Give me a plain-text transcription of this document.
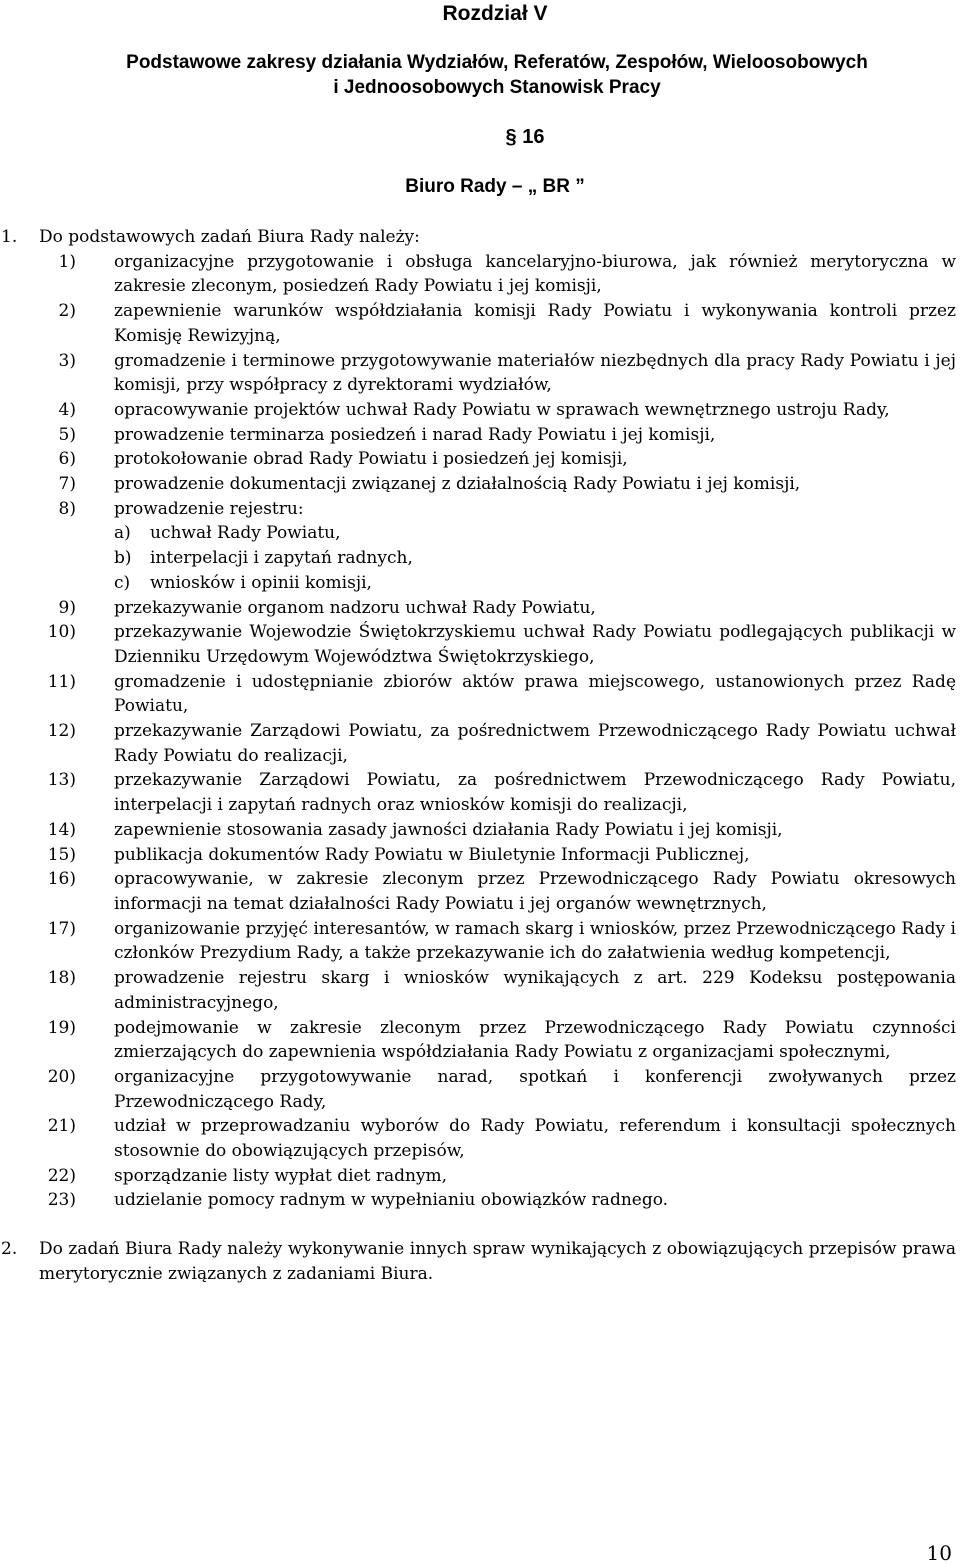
Rozdział V
Podstawowe zakresy działania Wydziałów, Referatów, Zespołów, Wieloosobowych
i Jednoosobowych Stanowisk Pracy
§ 16
Biuro Rady – „ BR ”
1.	Do podstawowych zadań Biura Rady należy:
1)	organizacyjne przygotowanie i obsługa kancelaryjno-biurowa, jak również merytoryczna w zakresie zleconym, posiedzeń Rady Powiatu i jej komisji,
2)	zapewnienie warunków współdziałania komisji Rady Powiatu i wykonywania kontroli przez Komisję Rewizyjną,
3)	gromadzenie i terminowe przygotowywanie materiałów niezbędnych dla pracy Rady Powiatu i jej komisji, przy współpracy z dyrektorami wydziałów,
4)	opracowywanie projektów uchwał Rady Powiatu w sprawach wewnętrznego ustroju Rady,
5)	prowadzenie terminarza posiedzeń i narad Rady Powiatu i jej komisji,
6)	protokołowanie obrad Rady Powiatu i posiedzeń jej komisji,
7)	prowadzenie dokumentacji związanej z działalnością Rady Powiatu i jej komisji,
8)	prowadzenie rejestru:
a)	uchwał Rady Powiatu,
b)	interpelacji i zapytań radnych,
c)	wniosków i opinii komisji,
9)	przekazywanie organom nadzoru uchwał Rady Powiatu,
10)	przekazywanie Wojewodzie Świętokrzyskiemu uchwał Rady Powiatu podlegających publikacji w Dzienniku Urzędowym Województwa Świętokrzyskiego,
11)	gromadzenie i udostępnianie zbiorów aktów prawa miejscowego, ustanowionych przez Radę Powiatu,
12)	przekazywanie Zarządowi Powiatu, za pośrednictwem Przewodniczącego Rady Powiatu uchwał Rady Powiatu do realizacji,
13)	przekazywanie Zarządowi Powiatu, za pośrednictwem Przewodniczącego Rady Powiatu, interpelacji i zapytań radnych oraz wniosków komisji do realizacji,
14)	zapewnienie stosowania zasady jawności działania Rady Powiatu i jej komisji,
15)	publikacja dokumentów Rady Powiatu w Biuletynie Informacji Publicznej,
16)	opracowywanie, w zakresie zleconym przez Przewodniczącego Rady Powiatu okresowych informacji na temat działalności Rady Powiatu i jej organów wewnętrznych,
17)	organizowanie przyjęć interesantów, w ramach skarg i wniosków, przez Przewodniczącego Rady i członków Prezydium Rady, a także przekazywanie ich do załatwienia według kompetencji,
18)	prowadzenie rejestru skarg i wniosków wynikających z art. 229 Kodeksu postępowania administracyjnego,
19)	podejmowanie w zakresie zleconym przez Przewodniczącego Rady Powiatu czynności zmierzających do zapewnienia współdziałania Rady Powiatu z organizacjami społecznymi,
20)	organizacyjne przygotowywanie narad, spotkań i konferencji zwoływanych przez Przewodniczącego Rady,
21)	udział w przeprowadzaniu wyborów do Rady Powiatu, referendum i konsultacji społecznych stosownie do obowiązujących przepisów,
22)	sporządzanie listy wypłat diet radnym,
23)	udzielanie pomocy radnym w wypełnianiu obowiązków radnego.
2.	Do zadań Biura Rady należy wykonywanie innych spraw wynikających z obowiązujących przepisów prawa merytorycznie związanych z zadaniami Biura.
10
